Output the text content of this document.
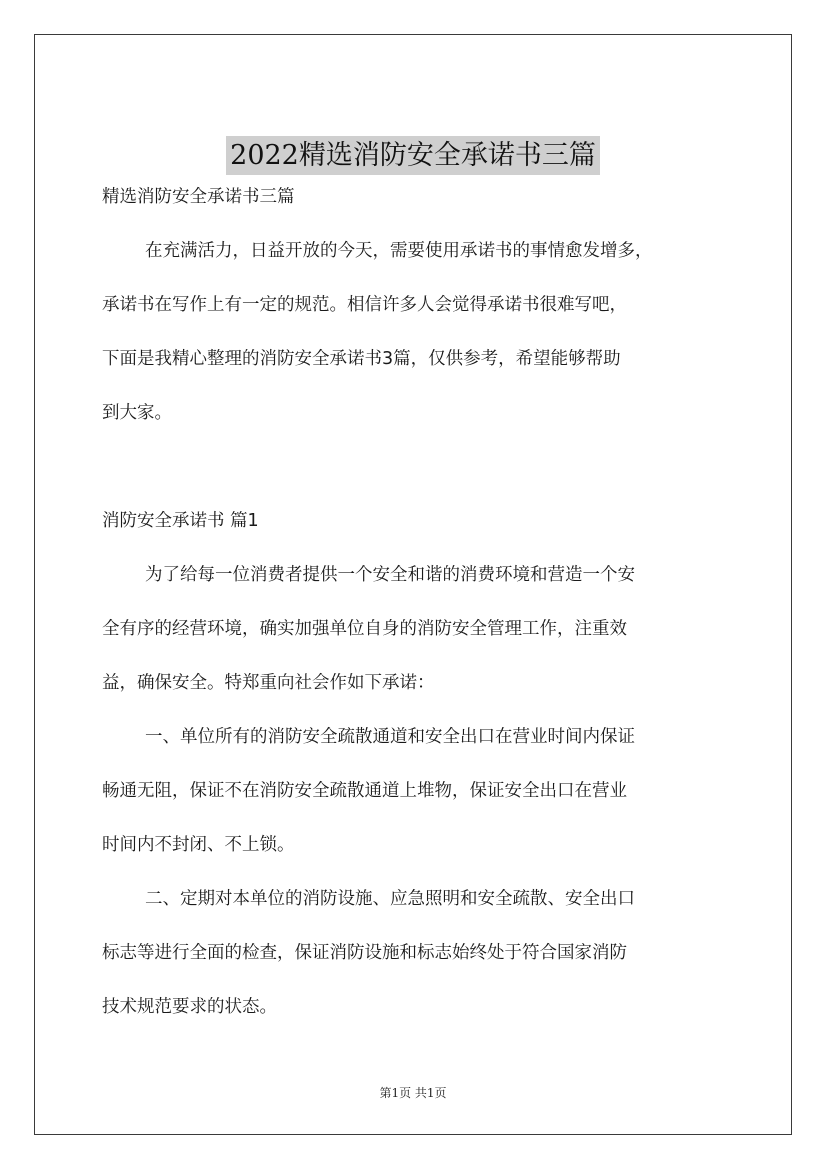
2022精选消防安全承诺书三篇
精选消防安全承诺书三篇
在充满活力，日益开放的今天，需要使用承诺书的事情愈发增多，
承诺书在写作上有一定的规范。相信许多人会觉得承诺书很难写吧，
下面是我精心整理的消防安全承诺书3篇，仅供参考，希望能够帮助
到大家。
消防安全承诺书 篇1
为了给每一位消费者提供一个安全和谐的消费环境和营造一个安
全有序的经营环境，确实加强单位自身的消防安全管理工作，注重效
益，确保安全。特郑重向社会作如下承诺：
一、单位所有的消防安全疏散通道和安全出口在营业时间内保证
畅通无阻，保证不在消防安全疏散通道上堆物，保证安全出口在营业
时间内不封闭、不上锁。
二、定期对本单位的消防设施、应急照明和安全疏散、安全出口
标志等进行全面的检查，保证消防设施和标志始终处于符合国家消防
技术规范要求的状态。
第1页 共1页
